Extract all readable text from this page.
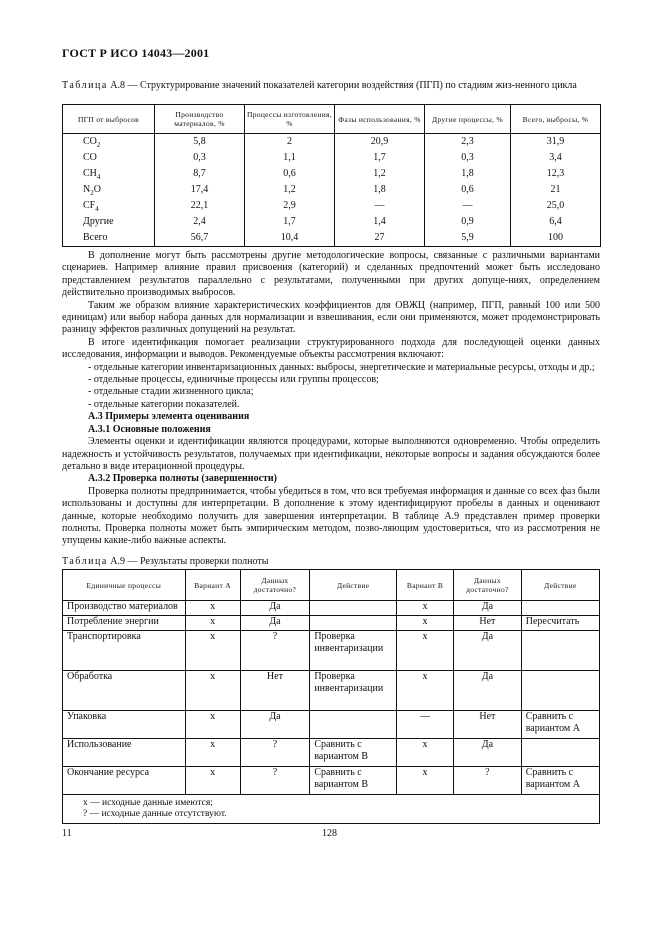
ГОСТ Р ИСО 14043—2001
Таблица А.8 — Структурирование значений показателей категории воздействия (ПГП) по стадиям жиз-ненного цикла
ПГП от выбросов	Производство материалов, %	Процессы изготовления, %	Фазы использования, %	Другие процессы, %	Всего, выбросы, %
$CO_2$	5,8	2	20,9	2,3	31,9
CO	0,3	1,1	1,7	0,3	3,4
$CH_4$	8,7	0,6	1,2	1,8	12,3
$N_2O$	17,4	1,2	1,8	0,6	21
$CF_4$	22,1	2,9	—	—	25,0
Другие	2,4	1,7	1,4	0,9	6,4
Всего	56,7	10,4	27	5,9	100

В дополнение могут быть рассмотрены другие методологические вопросы, связанные с различными вариантами сценариев. Например влияние правил присвоения (категорий) и сделанных предпочтений может быть исследовано представлением результатов параллельно с результатами, полученными при других допуще-ниях, определением действительно производимых выбросов.

Таким же образом влияние характеристических коэффициентов для ОВЖЦ (например, ПГП, равный 100 или 500 единицам) или выбор набора данных для нормализации и взвешивания, если они применяются, может продемонстрировать разницу эффектов различных допущений на результат.

В итоге идентификация помогает реализации структурированного подхода для последующей оценки данных исследования, информации и выводов. Рекомендуемые объекты рассмотрения включают:

- отдельные категории инвентаризационных данных: выбросы, энергетические и материальные ресурсы, отходы и др.;

- отдельные процессы, единичные процессы или группы процессов;

- отдельные стадии жизненного цикла;

- отдельные категории показателей.

А.3 Примеры элемента оценивания

А.3.1 Основные положения

Элементы оценки и идентификации являются процедурами, которые выполняются одновременно. Чтобы определить надежность и устойчивость результатов, получаемых при идентификации, некоторые вопросы и задания обсуждаются более детально в виде итерационной процедуры.

А.3.2 Проверка полноты (завершенности)

Проверка полноты предпринимается, чтобы убедиться в том, что вся требуемая информация и данные со всех фаз были использованы и доступны для интерпретации. В дополнение к этому идентифицируют пробелы в данных и оценивают данные, которые необходимо получить для завершения интерпретации. В таблице А.9 представлен пример проверки полноты. Проверка полноты может быть эмпирическим методом, позво-ляющим удостовериться, что из рассмотрения не упущены какие-либо важные аспекты.

Таблица А.9 — Результаты проверки полноты
Единичные процессы	Вариант А	Данных достаточно?	Действие	Вариант В	Данных достаточно?	Действие
Производство материалов	x	Да		x	Да	
Потребление энергии	x	Да		x	Нет	Пересчитать
Транспортировка	x	?	Проверка инвентаризации	x	Да	
Обработка	x	Нет	Проверка инвентаризации	x	Да	
Упаковка	x	Да		—	Нет	Сравнить с вариантом А
Использование	x	?	Сравнить с вариантом В	x	Да	
Окончание ресурса	x	?	Сравнить с вариантом В	x	?	Сравнить с вариантом А

x — исходные данные имеются;
? — исходные данные отсутствуют.						
11	128
